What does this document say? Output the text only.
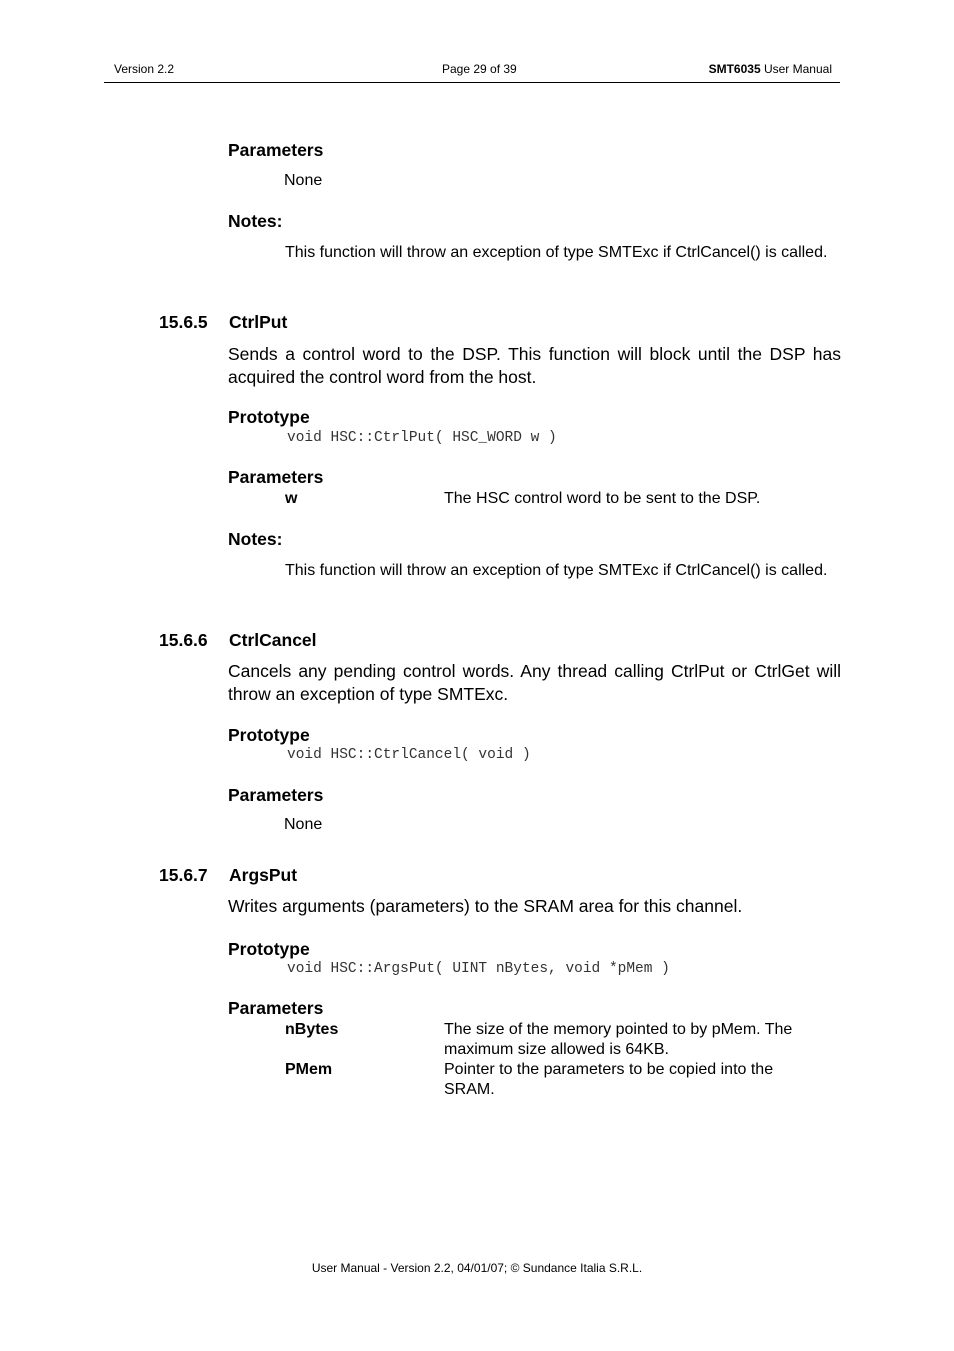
Version 2.2	Page 29 of 39	SMT6035 User Manual
Parameters
None
Notes:
This function will throw an exception of type SMTExc if CtrlCancel() is called.
15.6.5 CtrlPut
Sends a control word to the DSP. This function will block until the DSP has acquired the control word from the host.
Prototype
void HSC::CtrlPut( HSC_WORD w )
Parameters
w	The HSC control word to be sent to the DSP.
Notes:
This function will throw an exception of type SMTExc if CtrlCancel() is called.
15.6.6 CtrlCancel
Cancels any pending control words. Any thread calling CtrlPut or CtrlGet will throw an exception of type SMTExc.
Prototype
void HSC::CtrlCancel( void )
Parameters
None
15.6.7 ArgsPut
Writes arguments (parameters) to the SRAM area for this channel.
Prototype
void HSC::ArgsPut( UINT nBytes, void *pMem )
Parameters
nBytes	The size of the memory pointed to by pMem. The
maximum size allowed is 64KB.
PMem	Pointer to the parameters to be copied into the
SRAM.
User Manual - Version 2.2, 04/01/07; © Sundance Italia S.R.L.
